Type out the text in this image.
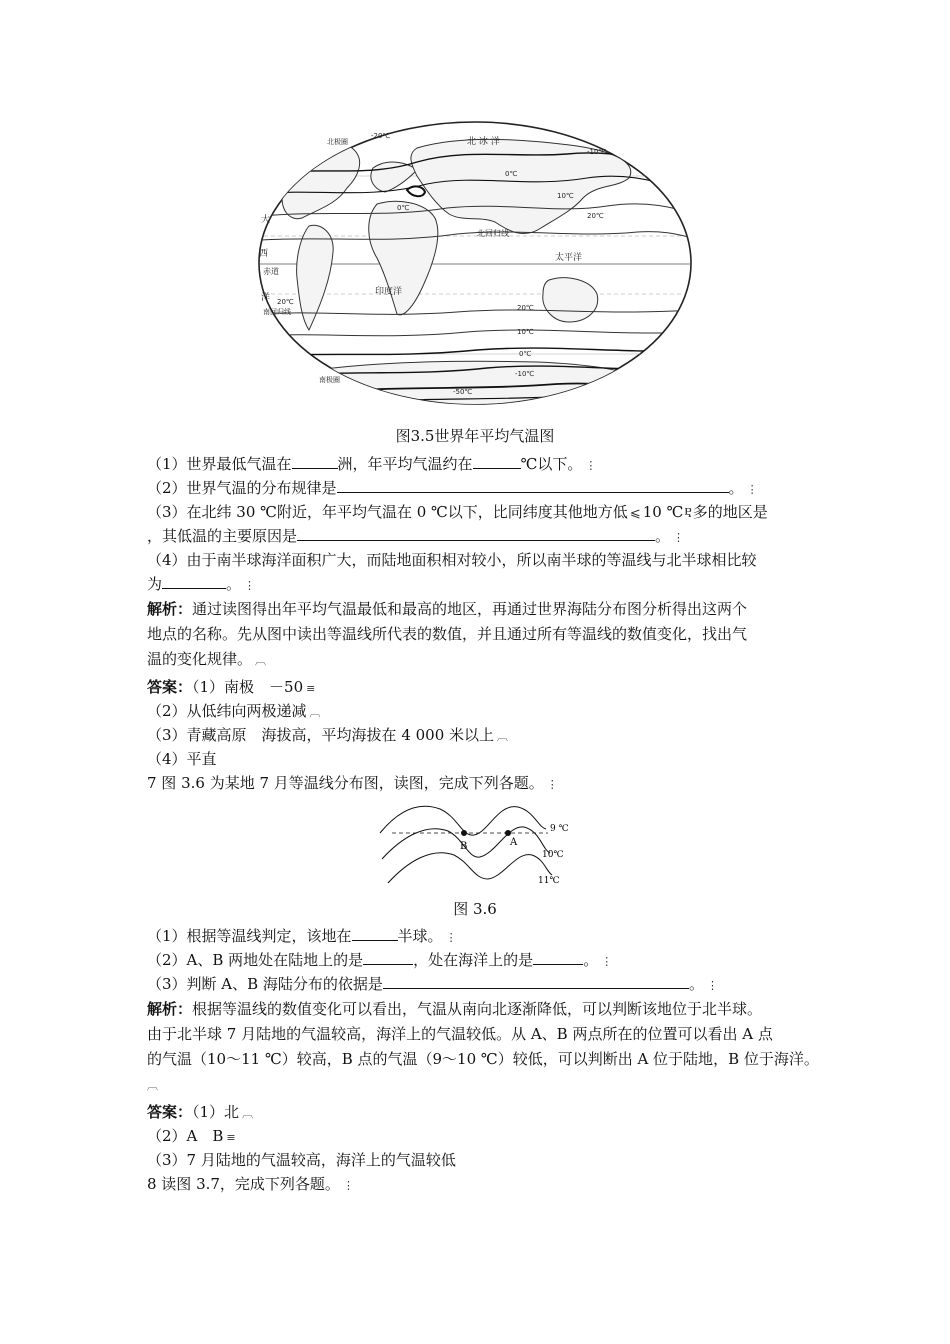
北 冰 洋
太平洋
印度洋
北回归线
南回归线
赤道
大
西
洋
北极圈
南极圈
-20℃
-10℃
0℃
10℃
20℃
20℃
10℃
0℃
-10℃
-50℃
0℃
20℃
图3.5世界年平均气温图
（1）世界最低气温在	洲，年平均气温约在	℃以下。 ⋮
（2）世界气温的分布规律是	。 ⋮
（3）在北纬 30 ℃附近，年平均气温在 0 ℃以下，比同纬度其他地方低 ⩽ 10 ℃Ⴒ多的地区是
，其低温的主要原因是	。 ⋮
（4）由于南半球海洋面积广大，而陆地面积相对较小，所以南半球的等温线与北半球相比较
为	。 ⋮
解析：通过读图得出年平均气温最低和最高的地区，再通过世界海陆分布图分析得出这两个
地点的名称。先从图中读出等温线所代表的数值，并且通过所有等温线的数值变化，找出气
温的变化规律。 ︹
答案：（1）南极　－50 ≡
（2）从低纬向两极递减 ︹
（3）青藏高原　海拔高，平均海拔在 4 000 米以上 ︹
（4）平直
7 图 3.6 为某地 7 月等温线分布图，读图，完成下列各题。 ⋮
B	A
9 ℃
10℃
11℃
图 3.6
（1）根据等温线判定，该地在	半球。 ⋮
（2）A、B 两地处在陆地上的是	，处在海洋上的是	。 ⋮
（3）判断 A、B 海陆分布的依据是	。 ⋮
解析：根据等温线的数值变化可以看出，气温从南向北逐渐降低，可以判断该地位于北半球。
由于北半球 7 月陆地的气温较高，海洋上的气温较低。从 A、B 两点所在的位置可以看出 A 点
的气温（10～11 ℃）较高，B 点的气温（9～10 ℃）较低，可以判断出 A 位于陆地，B 位于海洋。
︹
答案：（1）北 ︹
（2）A　B ≡
（3）7 月陆地的气温较高，海洋上的气温较低
8 读图 3.7，完成下列各题。 ⋮
